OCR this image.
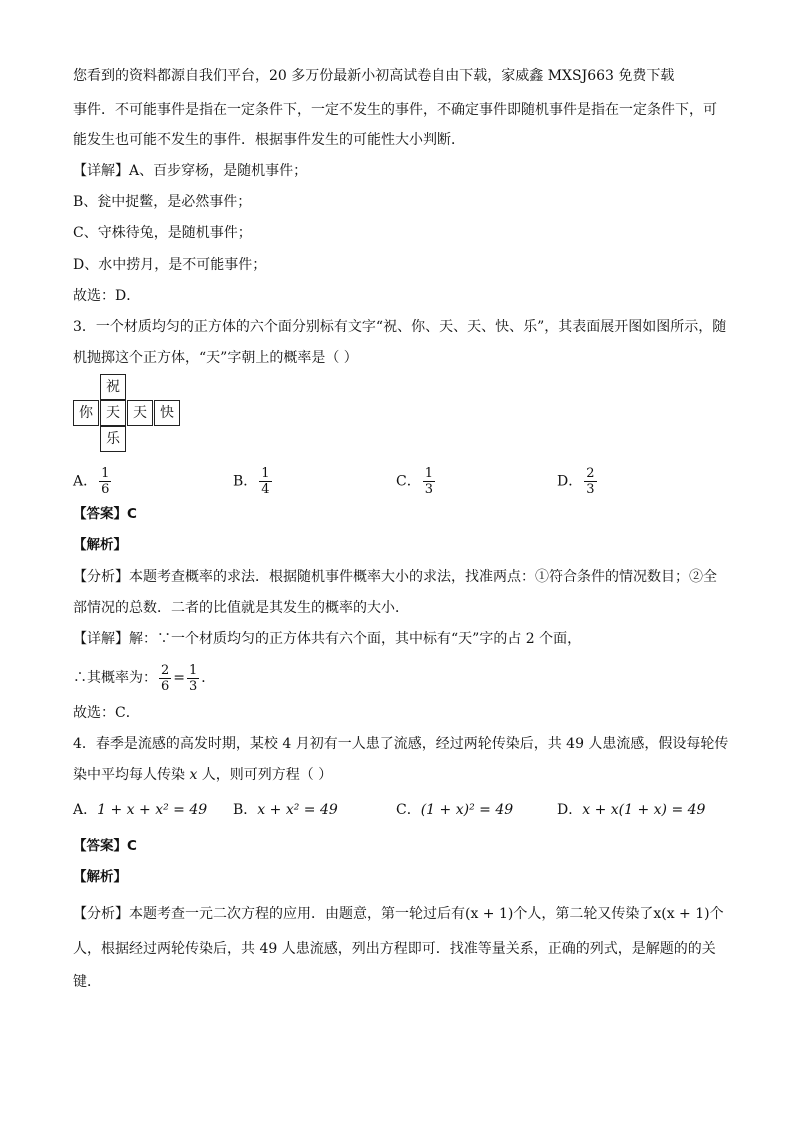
您看到的资料都源自我们平台，20 多万份最新小初高试卷自由下载，家威鑫 MXSJ663 免费下载
事件．不可能事件是指在一定条件下，一定不发生的事件，不确定事件即随机事件是指在一定条件下，可
能发生也可能不发生的事件．根据事件发生的可能性大小判断．
【详解】A、百步穿杨，是随机事件；
B、瓮中捉鳖，是必然事件；
C、守株待兔，是随机事件；
D、水中捞月，是不可能事件；
故选：D．
3．一个材质均匀的正方体的六个面分别标有文字“祝、你、天、天、快、乐”，其表面展开图如图所示，随
机抛掷这个正方体，“天”字朝上的概率是（ ）
祝
你 天 天 快
乐
A． $\frac{1}{6}$	B． $\frac{1}{4}$	C． $\frac{1}{3}$	D． $\frac{2}{3}$
【答案】C
【解析】
【分析】本题考查概率的求法．根据随机事件概率大小的求法，找准两点：①符合条件的情况数目；②全
部情况的总数．二者的比值就是其发生的概率的大小．
【详解】解：∵一个材质均匀的正方体共有六个面，其中标有“天”字的占 2 个面，
∴其概率为： $\frac{2}{6} = \frac{1}{3}$ ．
故选：C．
4．春季是流感的高发时期，某校 4 月初有一人患了流感，经过两轮传染后，共 49 人患流感，假设每轮传
染中平均每人传染 x 人，则可列方程（ ）
A．1 + x + x² = 49 B．x + x² = 49	C．(1 + x)² = 49	D．x + x(1 + x) = 49
【答案】C
【解析】
【分析】本题考查一元二次方程的应用．由题意，第一轮过后有(x + 1)个人，第二轮又传染了x(x + 1)个
人，根据经过两轮传染后，共 49 人患流感，列出方程即可．找准等量关系，正确的列式，是解题的的关
键．
